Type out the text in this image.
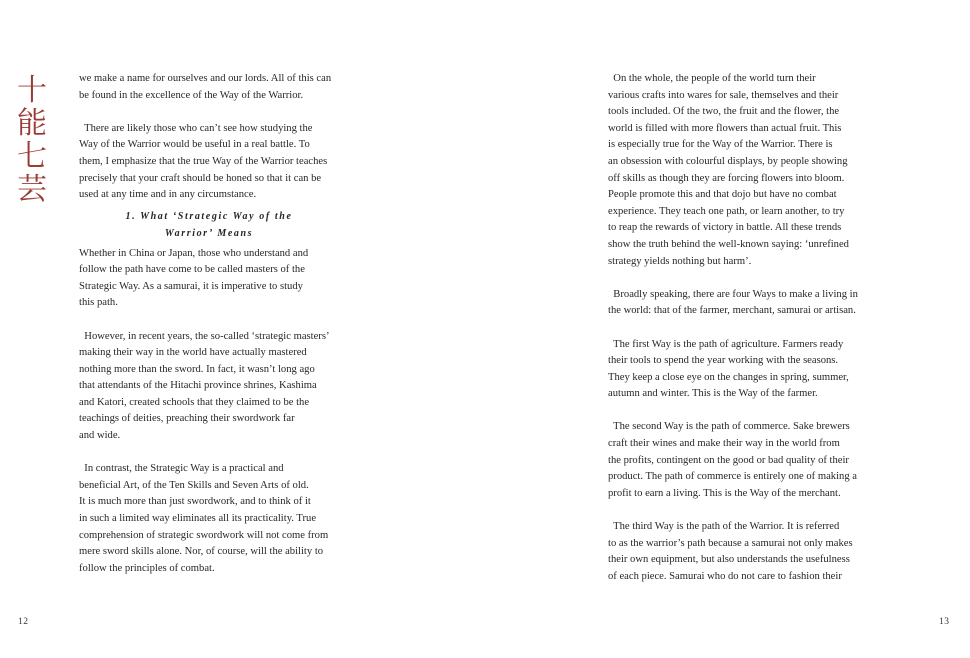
十
能
七
芸
we make a name for ourselves and our lords. All of this can
be found in the excellence of the Way of the Warrior.
There are likely those who can’t see how studying the
Way of the Warrior would be useful in a real battle. To
them, I emphasize that the true Way of the Warrior teaches
precisely that your craft should be honed so that it can be
used at any time and in any circumstance.
1. What ‘Strategic Way of the
Warrior’ Means
Whether in China or Japan, those who understand and
follow the path have come to be called masters of the
Strategic Way. As a samurai, it is imperative to study
this path.
However, in recent years, the so-called ‘strategic masters’
making their way in the world have actually mastered
nothing more than the sword. In fact, it wasn’t long ago
that attendants of the Hitachi province shrines, Kashima
and Katori, created schools that they claimed to be the
teachings of deities, preaching their swordwork far
and wide.
In contrast, the Strategic Way is a practical and
beneficial Art, of the Ten Skills and Seven Arts of old.
It is much more than just swordwork, and to think of it
in such a limited way eliminates all its practicality. True
comprehension of strategic swordwork will not come from
mere sword skills alone. Nor, of course, will the ability to
follow the principles of combat.
12
On the whole, the people of the world turn their
various crafts into wares for sale, themselves and their
tools included. Of the two, the fruit and the flower, the
world is filled with more flowers than actual fruit. This
is especially true for the Way of the Warrior. There is
an obsession with colourful displays, by people showing
off skills as though they are forcing flowers into bloom.
People promote this and that dojo but have no combat
experience. They teach one path, or learn another, to try
to reap the rewards of victory in battle. All these trends
show the truth behind the well-known saying: ‘unrefined
strategy yields nothing but harm’.
Broadly speaking, there are four Ways to make a living in
the world: that of the farmer, merchant, samurai or artisan.
The first Way is the path of agriculture. Farmers ready
their tools to spend the year working with the seasons.
They keep a close eye on the changes in spring, summer,
autumn and winter. This is the Way of the farmer.
The second Way is the path of commerce. Sake brewers
craft their wines and make their way in the world from
the profits, contingent on the good or bad quality of their
product. The path of commerce is entirely one of making a
profit to earn a living. This is the Way of the merchant.
The third Way is the path of the Warrior. It is referred
to as the warrior’s path because a samurai not only makes
their own equipment, but also understands the usefulness
of each piece. Samurai who do not care to fashion their
13
